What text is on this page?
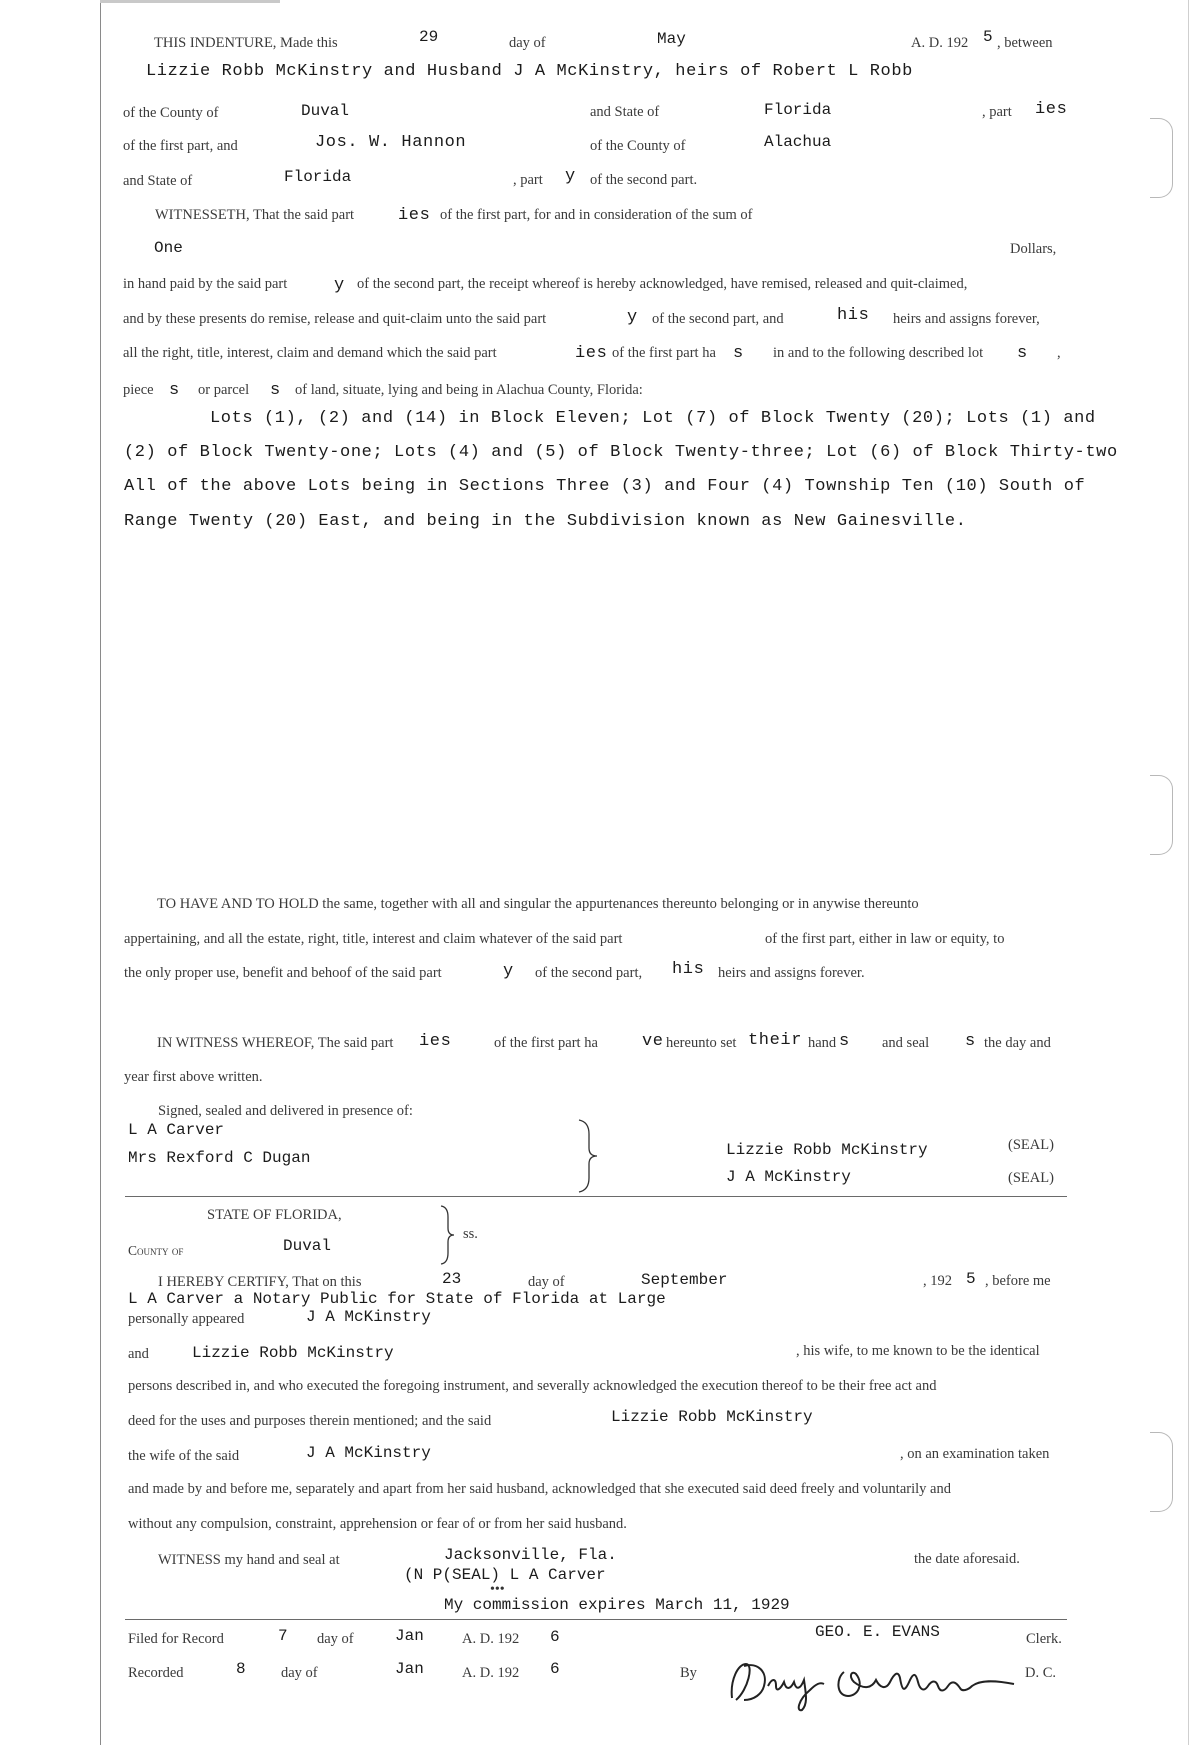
THIS INDENTURE, Made this	29	day of	May	A. D. 192 5 , between
Lizzie Robb McKinstry and Husband J A McKinstry, heirs of Robert L Robb
of the County of	Duval	and State of	Florida	, part ies
of the first part, and	Jos. W. Hannon	of the County of	Alachua
and State of	Florida	, part y of the second part.
WITNESSETH, That the said part	ies of the first part, for and in consideration of the sum of
One	Dollars,
in hand paid by the said part	y of the second part, the receipt whereof is hereby acknowledged, have remised, released and quit-claimed,
and by these presents do remise, release and quit-claim unto the said part	y of the second part, and	his heirs and assigns forever,
all the right, title, interest, claim and demand which the said part	ies of the first part ha s in and to the following described lot s ,
piece s or parcel s of land, situate, lying and being in Alachua County, Florida:
Lots (1), (2) and (14) in Block Eleven; Lot (7) of Block Twenty (20); Lots (1) and
(2) of Block Twenty-one; Lots (4) and (5) of Block Twenty-three; Lot (6) of Block Thirty-two
All of the above Lots being in Sections Three (3) and Four (4) Township Ten (10) South of
Range Twenty (20) East, and being in the Subdivision known as New Gainesville.
TO HAVE AND TO HOLD the same, together with all and singular the appurtenances thereunto belonging or in anywise thereunto
appertaining, and all the estate, right, title, interest and claim whatever of the said part	of the first part, either in law or equity, to
the only proper use, benefit and behoof of the said part	y of the second part, his heirs and assigns forever.
IN WITNESS WHEREOF, The said part ies	of the first part ha	ve hereunto set their hand s and seal s the day and
year first above written.
Signed, sealed and delivered in presence of:
L A Carver
Mrs Rexford C Dugan	Lizzie Robb McKinstry
J A McKinstry
(SEAL)
(SEAL)
STATE OF FLORIDA,
County of	Duval
ss.
I HEREBY CERTIFY, That on this	23	day of	September	, 192 5 , before me
L A Carver a Notary Public for State of Florida at Large
personally appeared	J A McKinstry
and	Lizzie Robb McKinstry	, his wife, to me known to be the identical
persons described in, and who executed the foregoing instrument, and severally acknowledged the execution thereof to be their free act and
deed for the uses and purposes therein mentioned; and the said	Lizzie Robb McKinstry
the wife of the said	J A McKinstry	, on an examination taken
and made by and before me, separately and apart from her said husband, acknowledged that she executed said deed freely and voluntarily and
without any compulsion, constraint, apprehension or fear of or from her said husband.
WITNESS my hand and seal at	Jacksonville, Fla.	the date aforesaid.
(N P(SEAL) L A Carver
•••
My commission expires March 11, 1929
Filed for Record	7 day of	Jan	A. D. 192 6	GEO. E. EVANS	Clerk.
Recorded	8 day of	Jan	A. D. 192 6	By	D. C.
